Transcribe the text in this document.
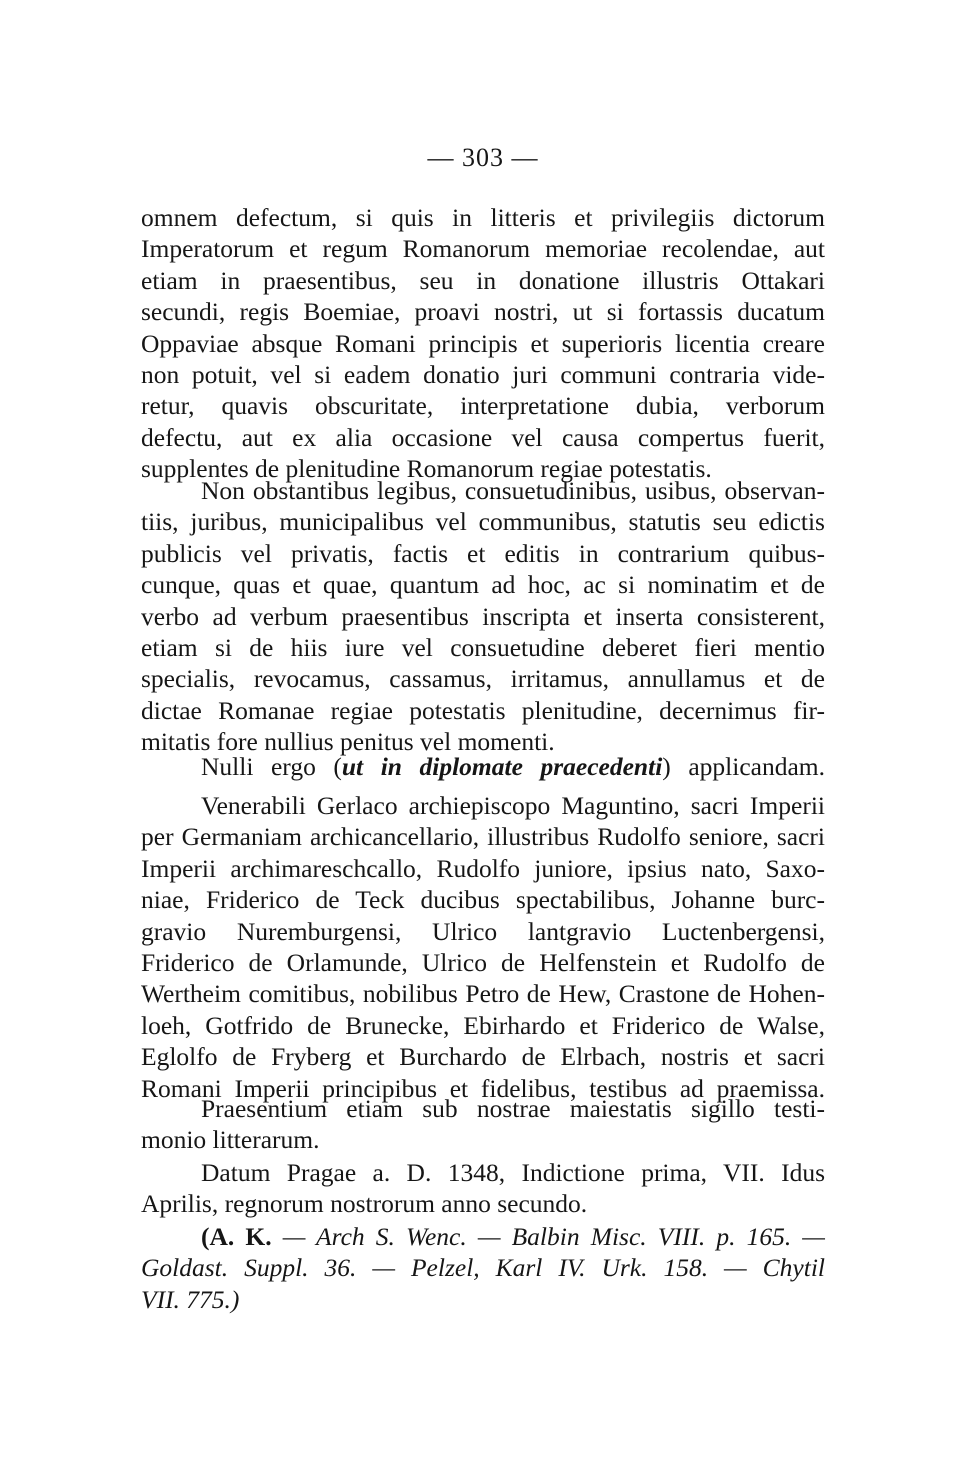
— 303 —
omnem defectum, si quis in litteris et privilegiis dictorum
Imperatorum et regum Romanorum memoriae recolendae, aut
etiam in praesentibus, seu in donatione illustris Ottakari
secundi, regis Boemiae, proavi nostri, ut si fortassis ducatum
Oppaviae absque Romani principis et superioris licentia creare
non potuit, vel si eadem donatio juri communi contraria vide-
retur, quavis obscuritate, interpretatione dubia, verborum
defectu, aut ex alia occasione vel causa compertus fuerit,
supplentes de plenitudine Romanorum regiae potestatis.
Non obstantibus legibus, consuetudinibus, usibus, observan-
tiis, juribus, municipalibus vel communibus, statutis seu edictis
publicis vel privatis, factis et editis in contrarium quibus-
cunque, quas et quae, quantum ad hoc, ac si nominatim et de
verbo ad verbum praesentibus inscripta et inserta consisterent,
etiam si de hiis iure vel consuetudine deberet fieri mentio
specialis, revocamus, cassamus, irritamus, annullamus et de
dictae Romanae regiae potestatis plenitudine, decernimus fir-
mitatis fore nullius penitus vel momenti.
Nulli ergo (ut in diplomate praecedenti) applicandam.
Venerabili Gerlaco archiepiscopo Maguntino, sacri Imperii
per Germaniam archicancellario, illustribus Rudolfo seniore, sacri
Imperii archimareschcallo, Rudolfo juniore, ipsius nato, Saxo-
niae, Friderico de Teck ducibus spectabilibus, Johanne burc-
gravio Nuremburgensi, Ulrico lantgravio Luctenbergensi,
Friderico de Orlamunde, Ulrico de Helfenstein et Rudolfo de
Wertheim comitibus, nobilibus Petro de Hew, Crastone de Hohen-
loeh, Gotfrido de Brunecke, Ebirhardo et Friderico de Walse,
Eglolfo de Fryberg et Burchardo de Elrbach, nostris et sacri
Romani Imperii principibus et fidelibus, testibus ad praemissa.
Praesentium etiam sub nostrae maiestatis sigillo testi-
monio litterarum.
Datum Pragae a. D. 1348, Indictione prima, VII. Idus
Aprilis, regnorum nostrorum anno secundo.
(A. K. — Arch S. Wenc. — Balbin Misc. VIII. p. 165. —
Goldast. Suppl. 36. — Pelzel, Karl IV. Urk. 158. — Chytil
VII. 775.)
